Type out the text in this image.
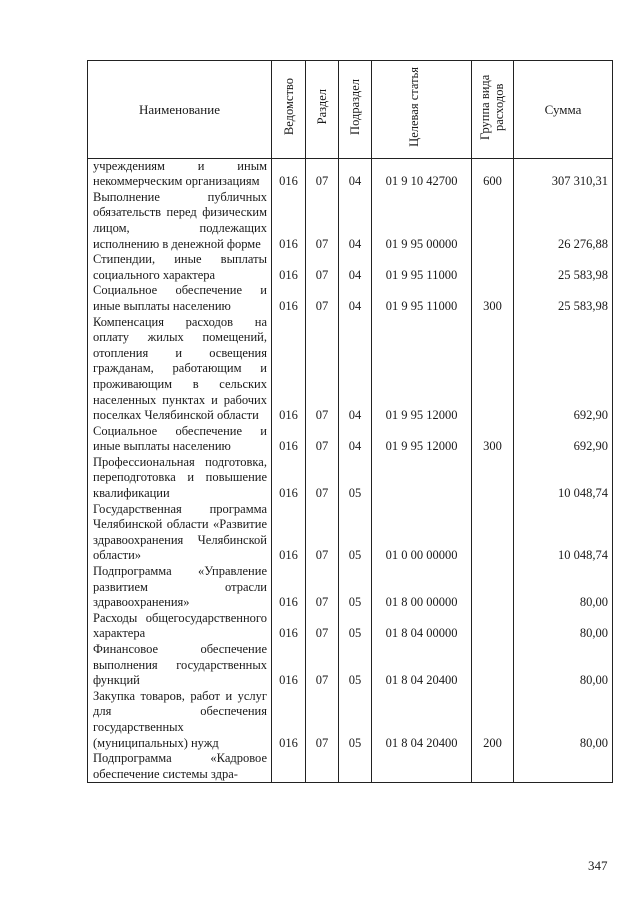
Наименование	Ведомство	Раздел	Подраздел	Целевая статья	Группа вида расходов	Сумма
учреждениям и иным некоммерческим организациям	016	07	04	01 9 10 42700	600	307 310,31
Выполнение публичных обязательств перед физическим лицом, подлежащих исполнению в денежной форме	016	07	04	01 9 95 00000		26 276,88
Стипендии, иные выплаты социального характера	016	07	04	01 9 95 11000		25 583,98
Социальное обеспечение и иные выплаты населению	016	07	04	01 9 95 11000	300	25 583,98
Компенсация расходов на оплату жилых помещений, отопления и освещения гражданам, работающим и проживающим в сельских населенных пунктах и рабочих поселках Челябинской области	016	07	04	01 9 95 12000		692,90
Социальное обеспечение и иные выплаты населению	016	07	04	01 9 95 12000	300	692,90
Профессиональная подготовка, переподготовка и повышение квалификации	016	07	05			10 048,74
Государственная программа Челябинской области «Развитие здравоохранения Челябинской области»	016	07	05	01 0 00 00000		10 048,74
Подпрограмма «Управление развитием отрасли здравоохранения»	016	07	05	01 8 00 00000		80,00
Расходы общегосударственного характера	016	07	05	01 8 04 00000		80,00
Финансовое обеспечение выполнения государственных функций	016	07	05	01 8 04 20400		80,00
Закупка товаров, работ и услуг для обеспечения государственных (муниципальных) нужд	016	07	05	01 8 04 20400	200	80,00
Подпрограмма «Кадровое обеспечение системы здра-						
347
